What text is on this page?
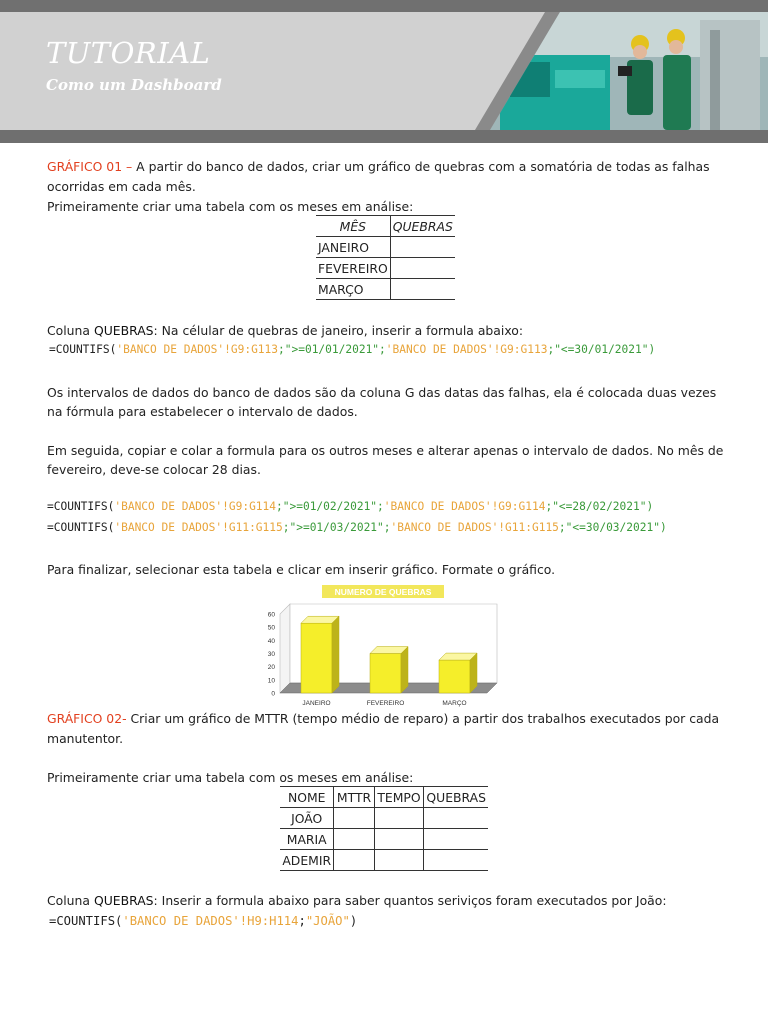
TUTORIAL
Como um Dashboard
GRÁFICO 01 – A partir do banco de dados, criar um gráfico de quebras com a somatória de todas as falhas
ocorridas em cada mês.
Primeiramente criar uma tabela com os meses em análise:
MÊS	QUEBRAS
JANEIRO	
FEVEREIRO	
MARÇO	
Coluna QUEBRAS: Na célular de quebras de janeiro, inserir a formula abaixo:
=COUNTIFS('BANCO DE DADOS'!G9:G113;">=01/01/2021";'BANCO DE DADOS'!G9:G113;"<=30/01/2021")
Os intervalos de dados do banco de dados são da coluna G das datas das falhas, ela é colocada duas vezes
na fórmula para estabelecer o intervalo de dados.
Em seguida, copiar e colar a formula para os outros meses e alterar apenas o intervalo de dados. No mês de
fevereiro, deve-se colocar 28 dias.
=COUNTIFS('BANCO DE DADOS'!G9:G114;">=01/02/2021";'BANCO DE DADOS'!G9:G114;"<=28/02/2021")
=COUNTIFS('BANCO DE DADOS'!G11:G115;">=01/03/2021";'BANCO DE DADOS'!G11:G115;"<=30/03/2021")
Para finalizar, selecionar esta tabela e clicar em inserir gráfico. Formate o gráfico.
NUMERO DE QUEBRAS
0
10
20
30
40
50
60
JANEIRO	FEVEREIRO	MARÇO
GRÁFICO 02- Criar um gráfico de MTTR (tempo médio de reparo) a partir dos trabalhos executados por cada
manutentor.
Primeiramente criar uma tabela com os meses em análise:
NOME	MTTR	TEMPO	QUEBRAS
JOÃO			
MARIA			
ADEMIR			
Coluna QUEBRAS: Inserir a formula abaixo para saber quantos seriviços foram executados por João:
=COUNTIFS('BANCO DE DADOS'!H9:H114;"JOÃO")
